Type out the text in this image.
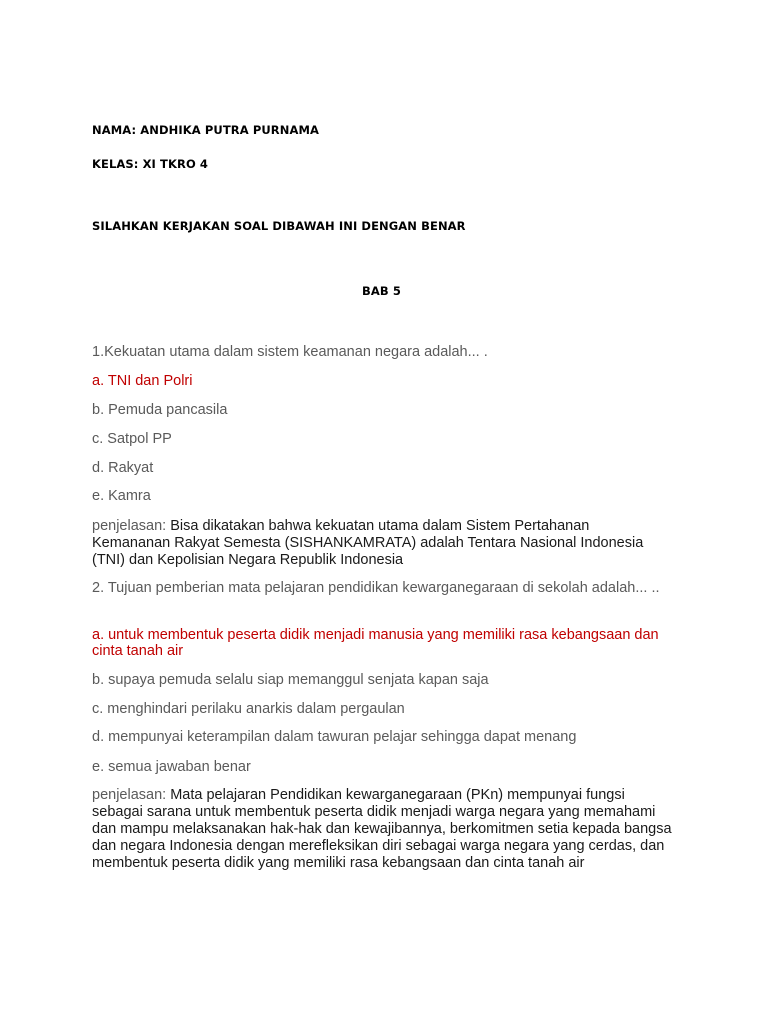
NAMA: ANDHIKA PUTRA PURNAMA
KELAS: XI TKRO 4
SILAHKAN KERJAKAN SOAL DIBAWAH INI DENGAN BENAR
BAB 5
1.Kekuatan utama dalam sistem keamanan negara adalah... .
a. TNI dan Polri
b. Pemuda pancasila
c. Satpol PP
d. Rakyat
e. Kamra
penjelasan: Bisa dikatakan bahwa kekuatan utama dalam Sistem Pertahanan Kemananan Rakyat Semesta (SISHANKAMRATA) adalah Tentara Nasional Indonesia (TNI) dan Kepolisian Negara Republik Indonesia
2. Tujuan pemberian mata pelajaran pendidikan kewarganegaraan di sekolah adalah... ..
a. untuk membentuk peserta didik menjadi manusia yang memiliki rasa kebangsaan dan cinta tanah air
b. supaya pemuda selalu siap memanggul senjata kapan saja
c. menghindari perilaku anarkis dalam pergaulan
d. mempunyai keterampilan dalam tawuran pelajar sehingga dapat menang
e. semua jawaban benar
penjelasan: Mata pelajaran Pendidikan kewarganegaraan (PKn) mempunyai fungsi sebagai sarana untuk membentuk peserta didik menjadi warga negara yang memahami dan mampu melaksanakan hak-hak dan kewajibannya, berkomitmen setia kepada bangsa dan negara Indonesia dengan merefleksikan diri sebagai warga negara yang cerdas, dan membentuk peserta didik yang memiliki rasa kebangsaan dan cinta tanah air
